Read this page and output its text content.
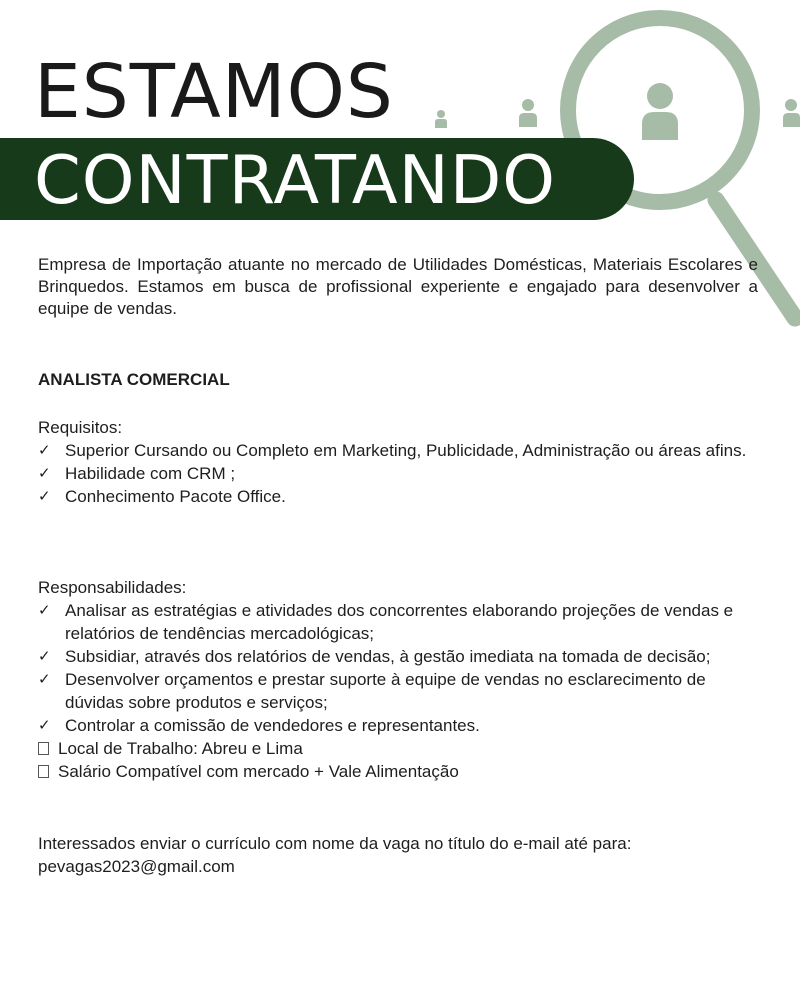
ESTAMOS
CONTRATANDO

Empresa de Importação atuante no mercado de Utilidades Domésticas, Materiais Escolares e Brinquedos. Estamos em busca de profissional experiente e engajado para desenvolver a equipe de vendas.

ANALISTA COMERCIAL

Requisitos:

✓ Superior Cursando ou Completo em Marketing, Publicidade, Administração ou áreas afins.
✓ Habilidade com CRM ;
✓ Conhecimento Pacote Office.

Responsabilidades:

✓ Analisar as estratégias e atividades dos concorrentes elaborando projeções de vendas e relatórios de tendências mercadológicas;
✓ Subsidiar, através dos relatórios de vendas, à gestão imediata na tomada de decisão;
✓ Desenvolver orçamentos e prestar suporte à equipe de vendas no esclarecimento de dúvidas sobre produtos e serviços;
✓ Controlar a comissão de vendedores e representantes.
Local de Trabalho: Abreu e Lima
Salário Compatível com mercado + Vale Alimentação
Interessados enviar o currículo com nome da vaga no título do e-mail até para:
pevagas2023@gmail.com
